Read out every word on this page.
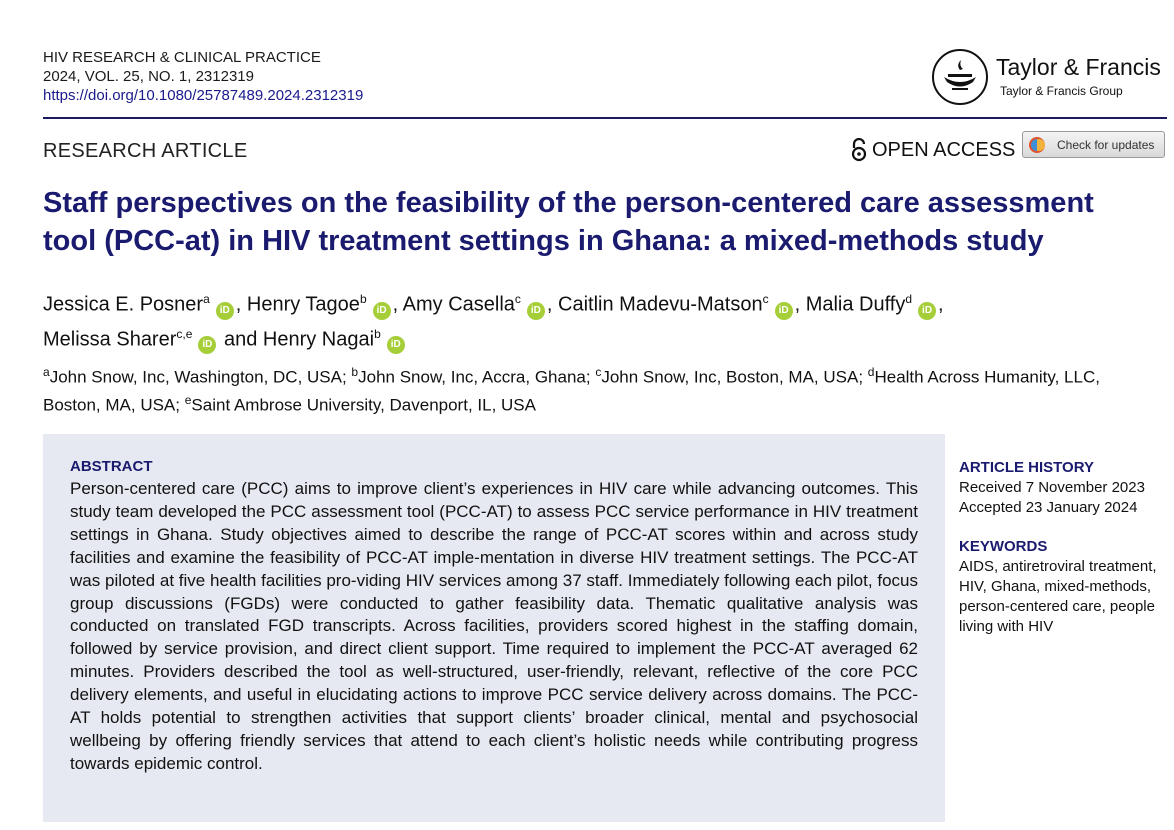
HIV RESEARCH & CLINICAL PRACTICE
2024, VOL. 25, NO. 1, 2312319
https://doi.org/10.1080/25787489.2024.2312319
Taylor & Francis
Taylor & Francis Group
RESEARCH ARTICLE	OPEN ACCESS	Check for updates
Staff perspectives on the feasibility of the person-centered care assessment tool (PCC-at) in HIV treatment settings in Ghana: a mixed-methods study
Jessica E. Posner$^a$iD , Henry Tagoe$^b$iD , Amy Casella$^c$iD , Caitlin Madevu-Matson$^c$iD , Malia Duffy$^d$iD ,
Melissa Sharer$^{c,e}$iD and Henry Nagai$^b$iD
$^a$John Snow, Inc, Washington, DC, USA; $^b$John Snow, Inc, Accra, Ghana; $^c$John Snow, Inc, Boston, MA, USA; $^d$Health Across Humanity, LLC, Boston, MA, USA; $^e$Saint Ambrose University, Davenport, IL, USA
ABSTRACT

Person-centered care (PCC) aims to improve client’s experiences in HIV care while advancing outcomes. This study team developed the PCC assessment tool (PCC-AT) to assess PCC service performance in HIV treatment settings in Ghana. Study objectives aimed to describe the range of PCC-AT scores within and across study facilities and examine the feasibility of PCC-AT imple-mentation in diverse HIV treatment settings. The PCC-AT was piloted at five health facilities pro-viding HIV services among 37 staff. Immediately following each pilot, focus group discussions (FGDs) were conducted to gather feasibility data. Thematic qualitative analysis was conducted on translated FGD transcripts. Across facilities, providers scored highest in the staffing domain, followed by service provision, and direct client support. Time required to implement the PCC-AT averaged 62 minutes. Providers described the tool as well-structured, user-friendly, relevant, reflective of the core PCC delivery elements, and useful in elucidating actions to improve PCC service delivery across domains. The PCC-AT holds potential to strengthen activities that support clients’ broader clinical, mental and psychosocial wellbeing by offering friendly services that attend to each client’s holistic needs while contributing progress towards epidemic control.

ARTICLE HISTORY
Received 7 November 2023
Accepted 23 January 2024
KEYWORDS
AIDS, antiretroviral treatment, HIV, Ghana, mixed-methods, person-centered care, people living with HIV
